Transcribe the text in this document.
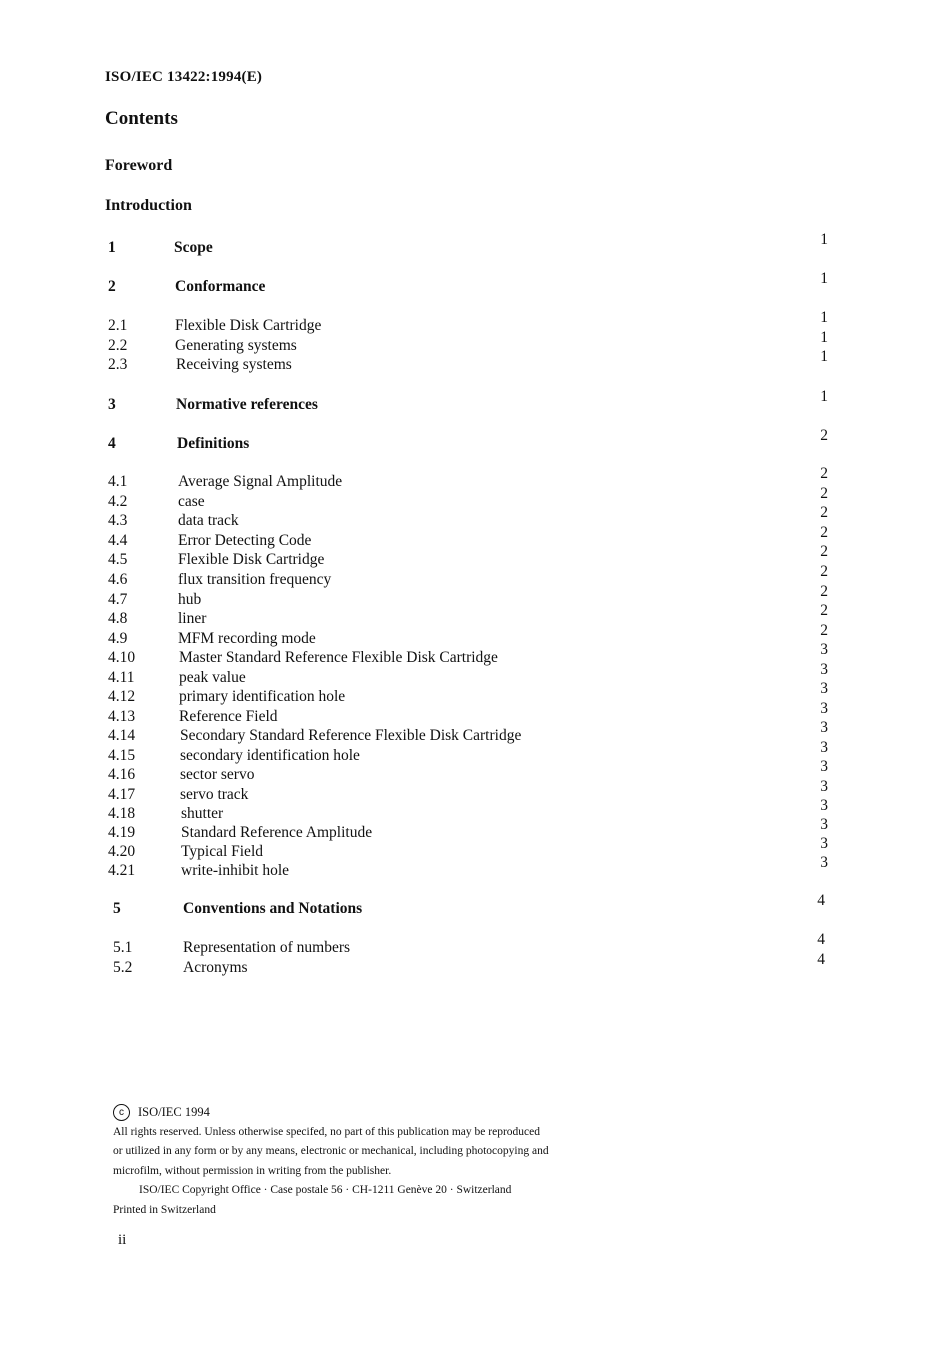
ISO/IEC 13422:1994(E)
Contents
Foreword
Introduction
1	Scope	1
2	Conformance	1
2.1	Flexible Disk Cartridge	1
2.2	Generating systems	1
2.3	Receiving systems	1
3	Normative references	1
4	Definitions	2
4.1	Average Signal Amplitude	2
4.2	case	2
4.3	data track	2
4.4	Error Detecting Code	2
4.5	Flexible Disk Cartridge	2
4.6	flux transition frequency	2
4.7	hub	2
4.8	liner	2
4.9	MFM recording mode	2
4.10	Master Standard Reference Flexible Disk Cartridge	3
4.11	peak value	3
4.12	primary identification hole	3
4.13	Reference Field	3
4.14	Secondary Standard Reference Flexible Disk Cartridge	3
4.15	secondary identification hole	3
4.16	sector servo	3
4.17	servo track	3
4.18	shutter	3
4.19	Standard Reference Amplitude	3
4.20	Typical Field	3
4.21	write-inhibit hole	3
5	Conventions and Notations	4
5.1	Representation of numbers	4
5.2	Acronyms	4
c	ISO/IEC 1994
All rights reserved. Unless otherwise specifed, no part of this publication may be reproduced
or utilized in any form or by any means, electronic or mechanical, including photocopying and
microfilm, without permission in writing from the publisher.
ISO/IEC Copyright Office · Case postale 56 · CH-1211 Genève 20 · Switzerland
Printed in Switzerland
ii
